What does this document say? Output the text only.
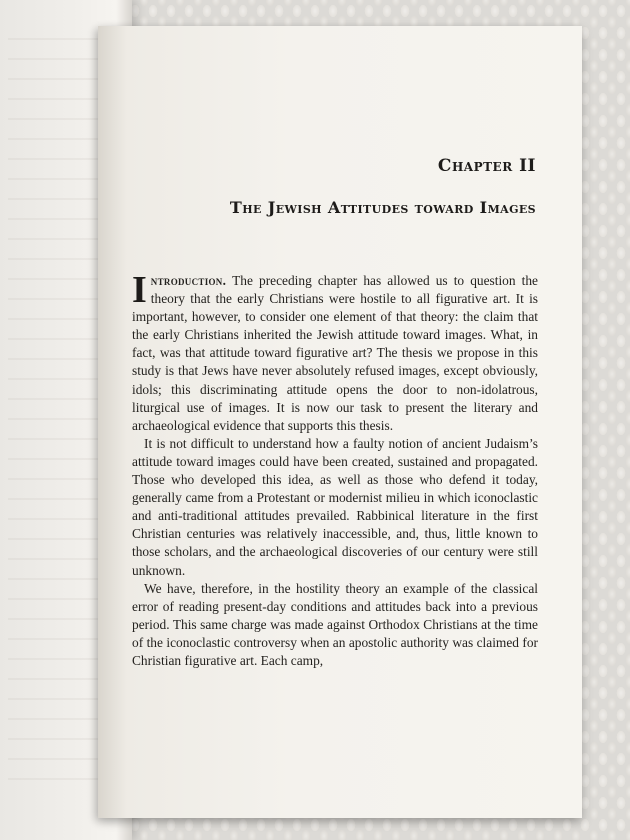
Chapter II
The Jewish Attitudes toward Images

Introduction. The preceding chapter has allowed us to question the theory that the early Christians were hostile to all figurative art. It is important, however, to consider one element of that theory: the claim that the early Christians inherited the Jewish attitude toward images. What, in fact, was that attitude toward figurative art? The thesis we propose in this study is that Jews have never absolutely refused images, except obviously, idols; this discriminating attitude opens the door to non-idolatrous, liturgical use of images. It is now our task to present the literary and archaeological evidence that supports this thesis.

It is not difficult to understand how a faulty notion of ancient Judaism’s attitude toward images could have been created, sustained and propagated. Those who developed this idea, as well as those who defend it today, generally came from a Protestant or modernist milieu in which iconoclastic and anti-traditional attitudes prevailed. Rabbinical literature in the first Christian centuries was relatively inaccessible, and, thus, little known to those scholars, and the archaeological discoveries of our century were still unknown.

We have, therefore, in the hostility theory an example of the classical error of reading present-day conditions and attitudes back into a previous period. This same charge was made against Orthodox Christians at the time of the iconoclastic controversy when an apostolic authority was claimed for Christian figurative art. Each camp,
